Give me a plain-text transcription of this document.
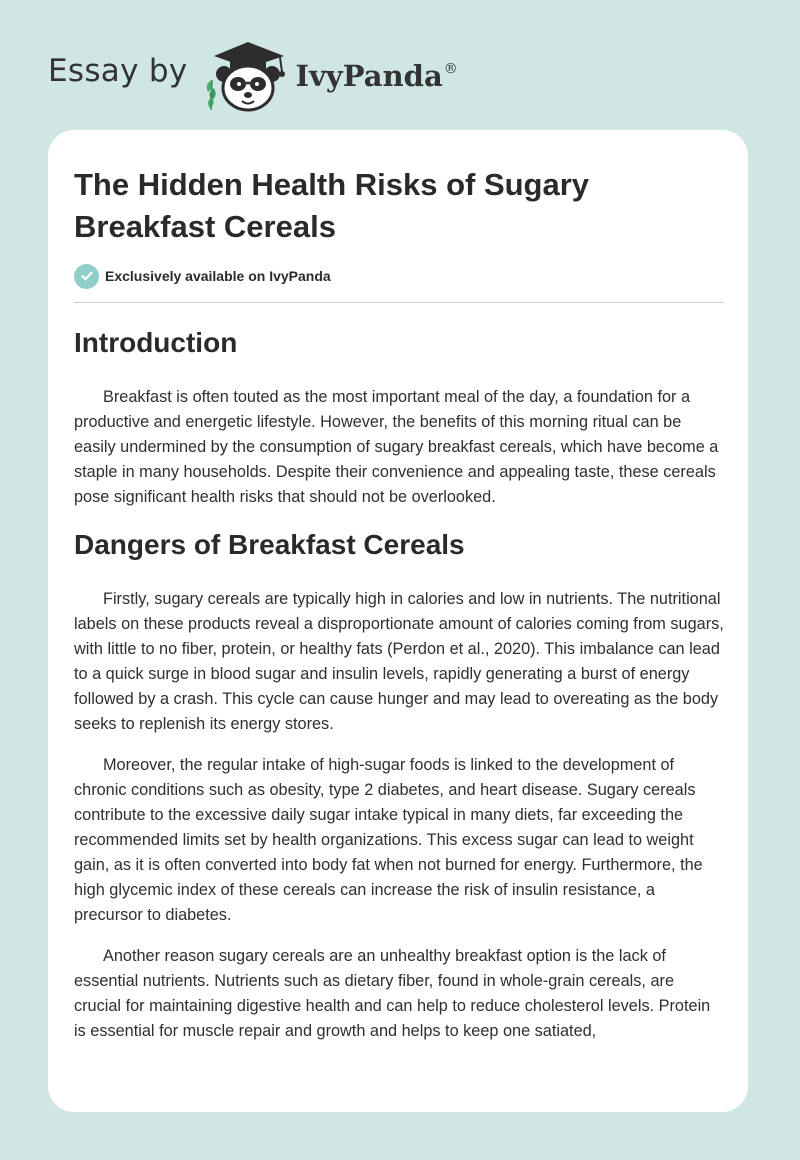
Essay by	IvyPanda®
The Hidden Health Risks of Sugary Breakfast Cereals
Exclusively available on IvyPanda
Introduction

Breakfast is often touted as the most important meal of the day, a foundation for a productive and energetic lifestyle. However, the benefits of this morning ritual can be easily undermined by the consumption of sugary breakfast cereals, which have become a staple in many households. Despite their convenience and appealing taste, these cereals pose significant health risks that should not be overlooked.

Dangers of Breakfast Cereals

Firstly, sugary cereals are typically high in calories and low in nutrients. The nutritional labels on these products reveal a disproportionate amount of calories coming from sugars, with little to no fiber, protein, or healthy fats (Perdon et al., 2020). This imbalance can lead to a quick surge in blood sugar and insulin levels, rapidly generating a burst of energy followed by a crash. This cycle can cause hunger and may lead to overeating as the body seeks to replenish its energy stores.

Moreover, the regular intake of high-sugar foods is linked to the development of chronic conditions such as obesity, type 2 diabetes, and heart disease. Sugary cereals contribute to the excessive daily sugar intake typical in many diets, far exceeding the recommended limits set by health organizations. This excess sugar can lead to weight gain, as it is often converted into body fat when not burned for energy. Furthermore, the high glycemic index of these cereals can increase the risk of insulin resistance, a precursor to diabetes.

Another reason sugary cereals are an unhealthy breakfast option is the lack of essential nutrients. Nutrients such as dietary fiber, found in whole-grain cereals, are crucial for maintaining digestive health and can help to reduce cholesterol levels. Protein is essential for muscle repair and growth and helps to keep one satiated,
